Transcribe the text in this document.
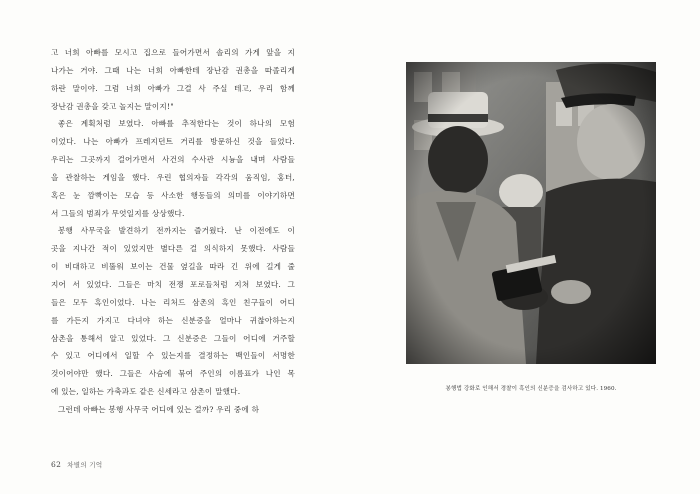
고 너희 아빠를 모시고 집으로 들어가면서 솔리의 가게 앞을 지
나가는 거야. 그때 나는 너희 아빠한테 장난감 권총을 따졸리게
하란 말이야. 그럼 너희 아빠가 그걸 사 주실 테고, 우리 함께
장난감 권총을 갖고 놀지는 말이지!"
좋은 계획처럼 보였다. 아빠를 추적한다는 것이 하나의 모험
이었다. 나는 아빠가 프레지던트 거리를 방문하신 것을 들었다.
우리는 그곳까지 걸어가면서 사건의 수사관 시늉을 내며 사람들
을 관찰하는 게임을 했다. 우린 협의자들 각각의 움직임, 홍터,
혹은 눈 깜빡이는 모습 등 사소한 행동들의 의미를 이야기하면
서 그들의 범죄가 무엇일지를 상상했다.
봉행 사무국을 발견하기 전까지는 즐거웠다. 난 이전에도 이
곳을 지나간 적이 있었지만 별다른 걸 의식하지 못했다. 사람들
이 비대하고 비뚤워 보이는 건물 옆길을 따라 긴 위에 길게 줄
지어 서 있었다. 그들은 마치 전쟁 포로들처럼 지쳐 보였다. 그
들은 모두 흑인이었다. 나는 리처드 삼촌의 흑인 친구들이 어디
를 가든지 가지고 다녀야 하는 신분증을 얼마나 귀찮아하는지
삼촌을 통해서 알고 있었다. 그 신분증은 그들이 어디에 거주할
수 있고 어디에서 일할 수 있는지를 결정하는 백인들이 서명한
것이어야만 했다. 그들은 사슴에 묶여 주인의 이름표가 나인 목
에 있는, 일하는 가축과도 같은 신세라고 삼촌이 말했다.
그런데 아빠는 봉행 사무국 어디에 있는 걸까? 우리 중에 하
62 차별의 기억
봉행법 강화로 인해서 경찰이 흑인의 신분증을 검사하고 있다. 1960.
